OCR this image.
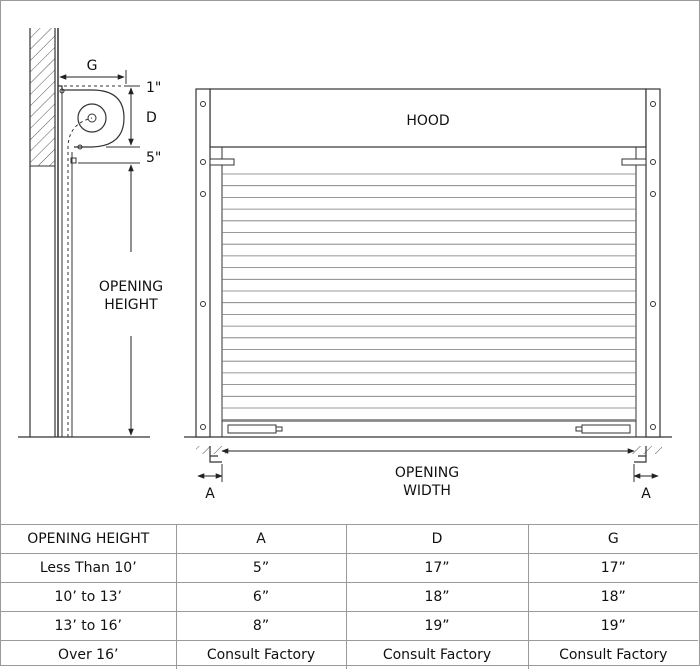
G
1"
D
5"
OPENING
HEIGHT
HOOD
OPENING
WIDTH
A	A
OPENING HEIGHT	A	D	G
Less Than 10’	5”	17”	17”
10’ to 13’	6”	18”	18”
13’ to 16’	8”	19”	19”
Over 16’	Consult Factory	Consult Factory	Consult Factory
